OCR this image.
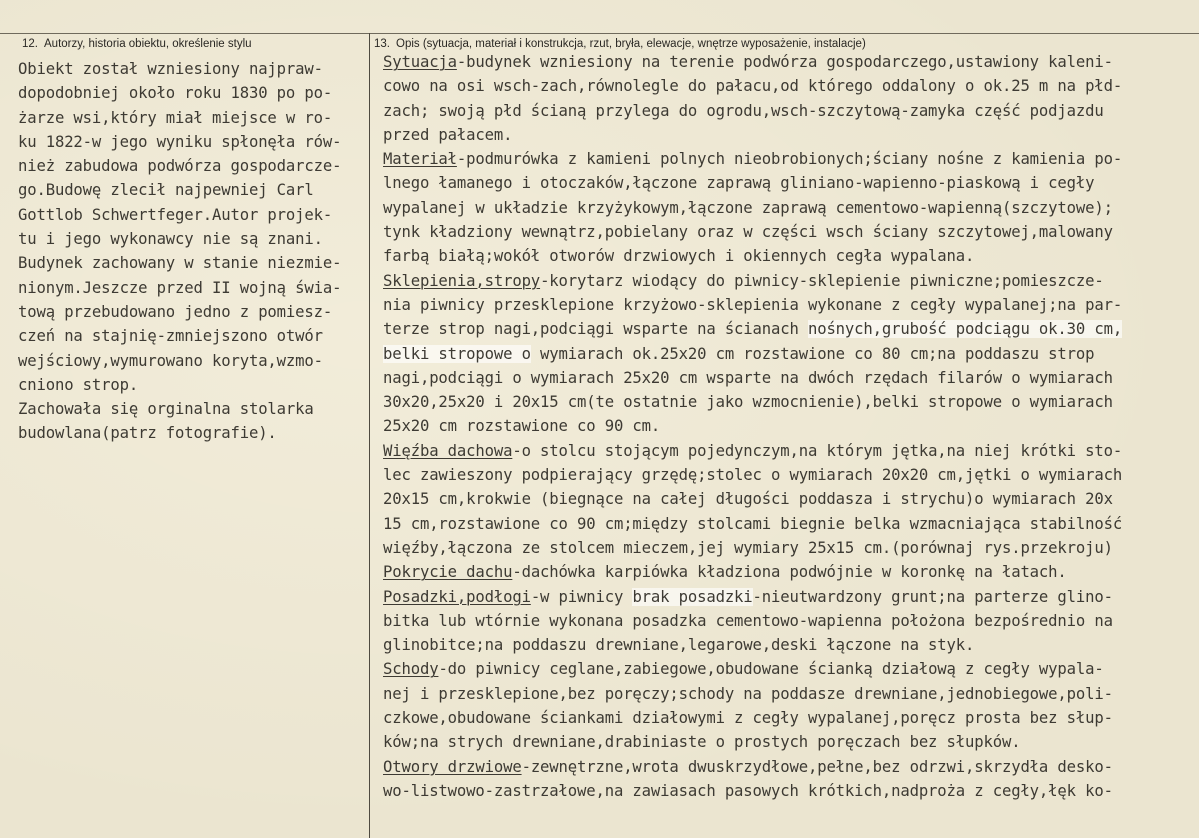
12. Autorzy, historia obiektu, określenie stylu	13. Opis (sytuacja, materiał i konstrukcja, rzut, bryła, elewacje, wnętrze wyposażenie, instalacje)
Obiekt został wzniesiony najpraw-
dopodobniej około roku 1830 po po-
żarze wsi,który miał miejsce w ro-
ku 1822-w jego wyniku spłonęła rów-
nież zabudowa podwórza gospodarcze-
go.Budowę zlecił najpewniej Carl
Gottlob Schwertfeger.Autor projek-
tu i jego wykonawcy nie są znani.
Budynek zachowany w stanie niezmie-
nionym.Jeszcze przed II wojną świa-
tową przebudowano jedno z pomiesz-
czeń na stajnię-zmniejszono otwór
wejściowy,wymurowano koryta,wzmo-
cniono strop.
Zachowała się orginalna stolarka
budowlana(patrz fotografie).
Sytuacja-budynek wzniesiony na terenie podwórza gospodarczego,ustawiony kaleni-
cowo na osi wsch-zach,równolegle do pałacu,od którego oddalony o ok.25 m na płd-
zach; swoją płd ścianą przylega do ogrodu,wsch-szczytową-zamyka część podjazdu
przed pałacem.
Materiał-podmurówka z kamieni polnych nieobrobionych;ściany nośne z kamienia po-
lnego łamanego i otoczaków,łączone zaprawą gliniano-wapienno-piaskową i cegły
wypalanej w układzie krzyżykowym,łączone zaprawą cementowo-wapienną(szczytowe);
tynk kładziony wewnątrz,pobielany oraz w części wsch ściany szczytowej,malowany
farbą białą;wokół otworów drzwiowych i okiennych cegła wypalana.
Sklepienia,stropy-korytarz wiodący do piwnicy-sklepienie piwniczne;pomieszcze-
nia piwnicy przesklepione krzyżowo-sklepienia wykonane z cegły wypalanej;na par-
terze strop nagi,podciągi wsparte na ścianach nośnych,grubość podciągu ok.30 cm,
belki stropowe o wymiarach ok.25x20 cm rozstawione co 80 cm;na poddaszu strop
nagi,podciągi o wymiarach 25x20 cm wsparte na dwóch rzędach filarów o wymiarach
30x20,25x20 i 20x15 cm(te ostatnie jako wzmocnienie),belki stropowe o wymiarach
25x20 cm rozstawione co 90 cm.
Więźba dachowa-o stolcu stojącym pojedynczym,na którym jętka,na niej krótki sto-
lec zawieszony podpierający grzędę;stolec o wymiarach 20x20 cm,jętki o wymiarach
20x15 cm,krokwie (biegnące na całej długości poddasza i strychu)o wymiarach 20x
15 cm,rozstawione co 90 cm;między stolcami biegnie belka wzmacniająca stabilność
więźby,łączona ze stolcem mieczem,jej wymiary 25x15 cm.(porównaj rys.przekroju)
Pokrycie dachu-dachówka karpiówka kładziona podwójnie w koronkę na łatach.
Posadzki,podłogi-w piwnicy brak posadzki-nieutwardzony grunt;na parterze glino-
bitka lub wtórnie wykonana posadzka cementowo-wapienna położona bezpośrednio na
glinobitce;na poddaszu drewniane,legarowe,deski łączone na styk.
Schody-do piwnicy ceglane,zabiegowe,obudowane ścianką działową z cegły wypala-
nej i przesklepione,bez poręczy;schody na poddasze drewniane,jednobiegowe,poli-
czkowe,obudowane ściankami działowymi z cegły wypalanej,poręcz prosta bez słup-
ków;na strych drewniane,drabiniaste o prostych poręczach bez słupków.
Otwory drzwiowe-zewnętrzne,wrota dwuskrzydłowe,pełne,bez odrzwi,skrzydła desko-
wo-listwowo-zastrzałowe,na zawiasach pasowych krótkich,nadproża z cegły,łęk ko-
